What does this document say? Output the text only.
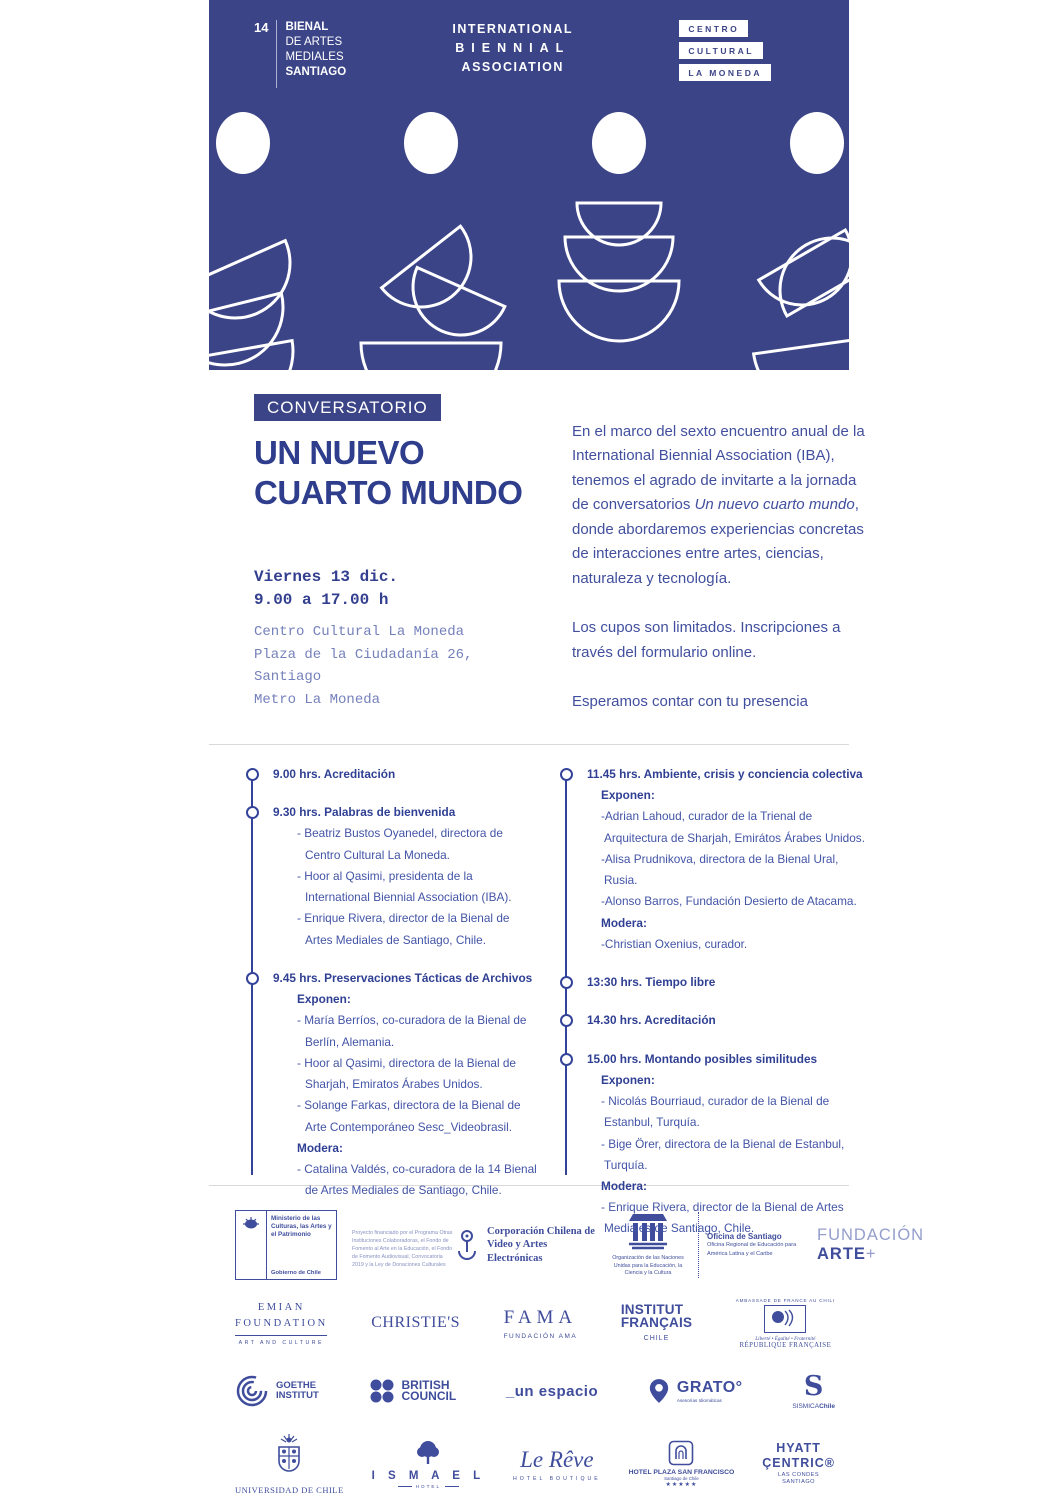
14 BIENAL
DE ARTES
MEDIALES
SANTIAGO
INTERNATIONAL
BIENNIAL
ASSOCIATION
CENTRO
CULTURAL
LA MONEDA
CONVERSATORIO
UN NUEVO
CUARTO MUNDO
Viernes 13 dic.
9.00 a 17.00 h
Centro Cultural La Moneda
Plaza de la Ciudadanía 26,
Santiago
Metro La Moneda

En el marco del sexto encuentro anual de la International Biennial Association (IBA), tenemos el agrado de invitarte a la jornada de conversatorios Un nuevo cuarto mundo, donde abordaremos experiencias concretas de interacciones entre artes, ciencias, naturaleza y tecnología.

Los cupos son limitados. Inscripciones a través del formulario online.

Esperamos contar con tu presencia

9.00 hrs. Acreditación
9.30 hrs. Palabras de bienvenida
- Beatriz Bustos Oyanedel, directora de Centro Cultural La Moneda.
- Hoor al Qasimi, presidenta de la International Biennial Association (IBA).
- Enrique Rivera, director de la Bienal de Artes Mediales de Santiago, Chile.
9.45 hrs. Preservaciones Tácticas de Archivos
Exponen:
- María Berríos, co-curadora de la Bienal de Berlín, Alemania.
- Hoor al Qasimi, directora de la Bienal de Sharjah, Emiratos Árabes Unidos.
- Solange Farkas, directora de la Bienal de Arte Contemporáneo Sesc_Videobrasil.
Modera:
- Catalina Valdés, co-curadora de la 14 Bienal de Artes Mediales de Santiago, Chile.
11.45 hrs. Ambiente, crisis y conciencia colectiva
Exponen:
-Adrian Lahoud, curador de la Trienal de Arquitectura de Sharjah, Emirátos Árabes Unidos.
-Alisa Prudnikova, directora de la Bienal Ural, Rusia.
-Alonso Barros, Fundación Desierto de Atacama.
Modera:
-Christian Oxenius, curador.
13:30 hrs. Tiempo libre
14.30 hrs. Acreditación
15.00 hrs. Montando posibles similitudes
Exponen:
- Nicolás Bourriaud, curador de la Bienal de Estanbul, Turquía.
- Bige Örer, directora de la Bienal de Estanbul, Turquía.
Modera:
- Enrique Rivera, director de la Bienal de Artes Mediales de Santiago, Chile.
Ministerio de las Culturas, las Artes y el Patrimonio
Gobierno de Chile
Proyecto financiado por el Programa Otras Instituciones Colaboradoras, el Fondo de Fomento al Arte en la Educación, el Fondo de Fomento Audiovisual, Convocatoria 2019 y la Ley de Donaciones Culturales
Corporación Chilena de Video y Artes Electrónicas	Organización de las Naciones Unidas para la Educación, la Ciencia y la Cultura
Oficina de Santiago
Oficina Regional de Educación para América Latina y el Caribe
FUNDACIÓN ARTE+
EMIAN
FOUNDATION
ART AND CULTURE
CHRISTIE'S FAMA
FUNDACIÓN AMA
INSTITUT
FRANÇAIS
CHILE
AMBASSADE DE FRANCE AU CHILI
Liberté • Égalité • Fraternité
RÉPUBLIQUE FRANÇAISE
GOETHE
INSTITUT
BRITISH
COUNCIL	_un espacio	GRATO°
Asesorías Idiomáticas	S
SISMICAChile
UNIVERSIDAD DE CHILE
I S M A E L
HOTEL
Le Rêve
HOTEL BOUTIQUE
HOTEL PLAZA SAN FRANCISCO
Santiago de Chile
★★★★★
HYATT
ÇENTRIC®
LAS CONDES
SANTIAGO
